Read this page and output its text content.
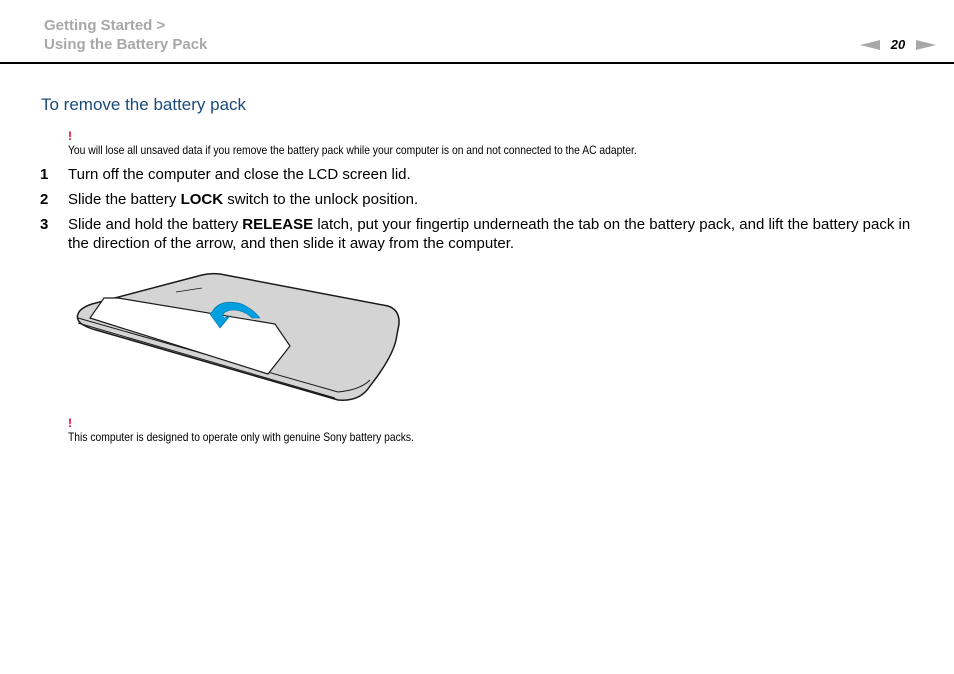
Getting Started >
Using the Battery Pack	20
To remove the battery pack
!
You will lose all unsaved data if you remove the battery pack while your computer is on and not connected to the AC adapter.
1	Turn off the computer and close the LCD screen lid.
2	Slide the battery LOCK switch to the unlock position.
3	Slide and hold the battery RELEASE latch, put your fingertip underneath the tab on the battery pack, and lift the battery pack in the direction of the arrow, and then slide it away from the computer.
!
This computer is designed to operate only with genuine Sony battery packs.
